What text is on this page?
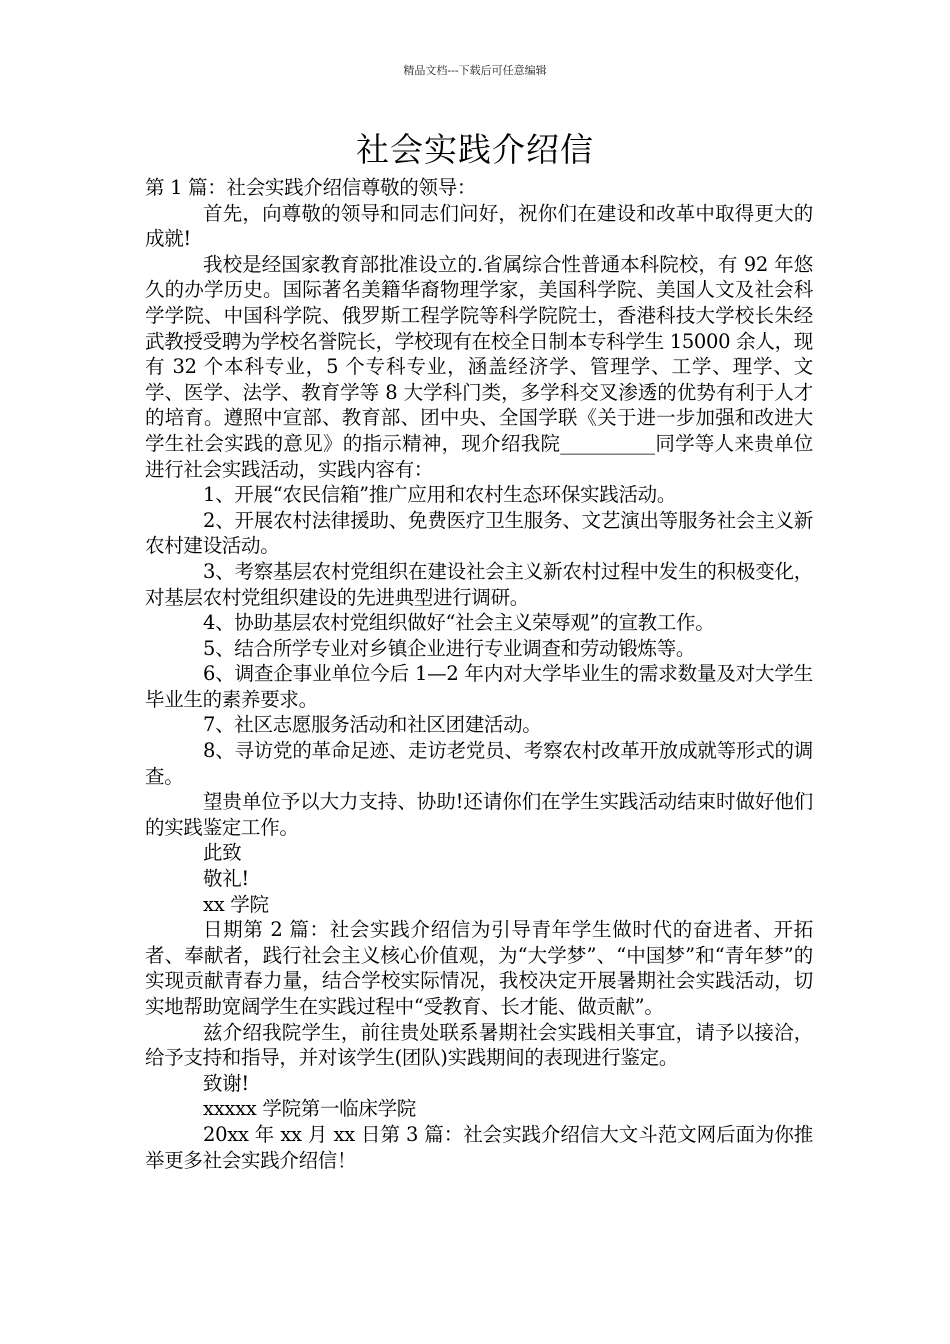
精品文档---下载后可任意编辑
社会实践介绍信

第 1 篇：社会实践介绍信尊敬的领导：

首先，向尊敬的领导和同志们问好，祝你们在建设和改革中取得更大的成就!

我校是经国家教育部批准设立的.省属综合性普通本科院校，有 92 年悠久的办学历史。国际著名美籍华裔物理学家，美国科学院、美国人文及社会科学学院、中国科学院、俄罗斯工程学院等科学院院士，香港科技大学校长朱经武教授受聘为学校名誉院长，学校现有在校全日制本专科学生 15000 余人，现有 32 个本科专业，5 个专科专业，涵盖经济学、管理学、工学、理学、文学、医学、法学、教育学等 8 大学科门类，多学科交叉渗透的优势有利于人才的培育。遵照中宣部、教育部、团中央、全国学联《关于进一步加强和改进大学生社会实践的意见》的指示精神，现介绍我院__________同学等人来贵单位进行社会实践活动，实践内容有：

1、开展“农民信箱”推广应用和农村生态环保实践活动。

2、开展农村法律援助、免费医疗卫生服务、文艺演出等服务社会主义新农村建设活动。

3、考察基层农村党组织在建设社会主义新农村过程中发生的积极变化，对基层农村党组织建设的先进典型进行调研。

4、协助基层农村党组织做好“社会主义荣辱观”的宣教工作。

5、结合所学专业对乡镇企业进行专业调查和劳动锻炼等。

6、调查企事业单位今后 1—2 年内对大学毕业生的需求数量及对大学生毕业生的素养要求。

7、社区志愿服务活动和社区团建活动。

8、寻访党的革命足迹、走访老党员、考察农村改革开放成就等形式的调查。

望贵单位予以大力支持、协助!还请你们在学生实践活动结束时做好他们的实践鉴定工作。

此致

敬礼!

xx 学院

日期第 2 篇：社会实践介绍信为引导青年学生做时代的奋进者、开拓者、奉献者，践行社会主义核心价值观，为“大学梦”、“中国梦”和“青年梦”的实现贡献青春力量，结合学校实际情况，我校决定开展暑期社会实践活动，切实地帮助宽阔学生在实践过程中“受教育、长才能、做贡献”。

兹介绍我院学生，前往贵处联系暑期社会实践相关事宜，请予以接洽，给予支持和指导，并对该学生(团队)实践期间的表现进行鉴定。

致谢!

xxxxx 学院第一临床学院

20xx 年 xx 月 xx 日第 3 篇：社会实践介绍信大文斗范文网后面为你推举更多社会实践介绍信！
